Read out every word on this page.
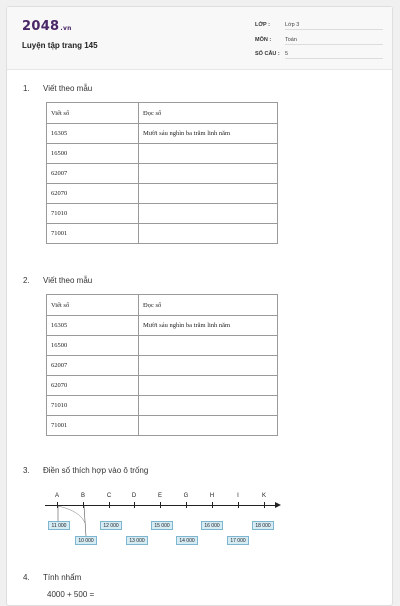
2048.vn
Luyện tập trang 145
LỚP :	Lớp 3
MÔN :	Toán
SỐ CÂU : 5
1. Viết theo mẫu
Viết số	Đọc số
16305	Mười sáu nghìn ba trăm linh năm
16500	
62007	
62070	
71010	
71001	
2. Viết theo mẫu
Viết số	Đọc số
16305	Mười sáu nghìn ba trăm linh năm
16500	
62007	
62070	
71010	
71001	
3. Điền số thích hợp vào ô trống
A	B	C	D	E	G	H	I	K
11 000	12 000	15 000	16 000	18 000
10 000	13 000	14 000	17 000
4. Tính nhẩm
4000 + 500 =
